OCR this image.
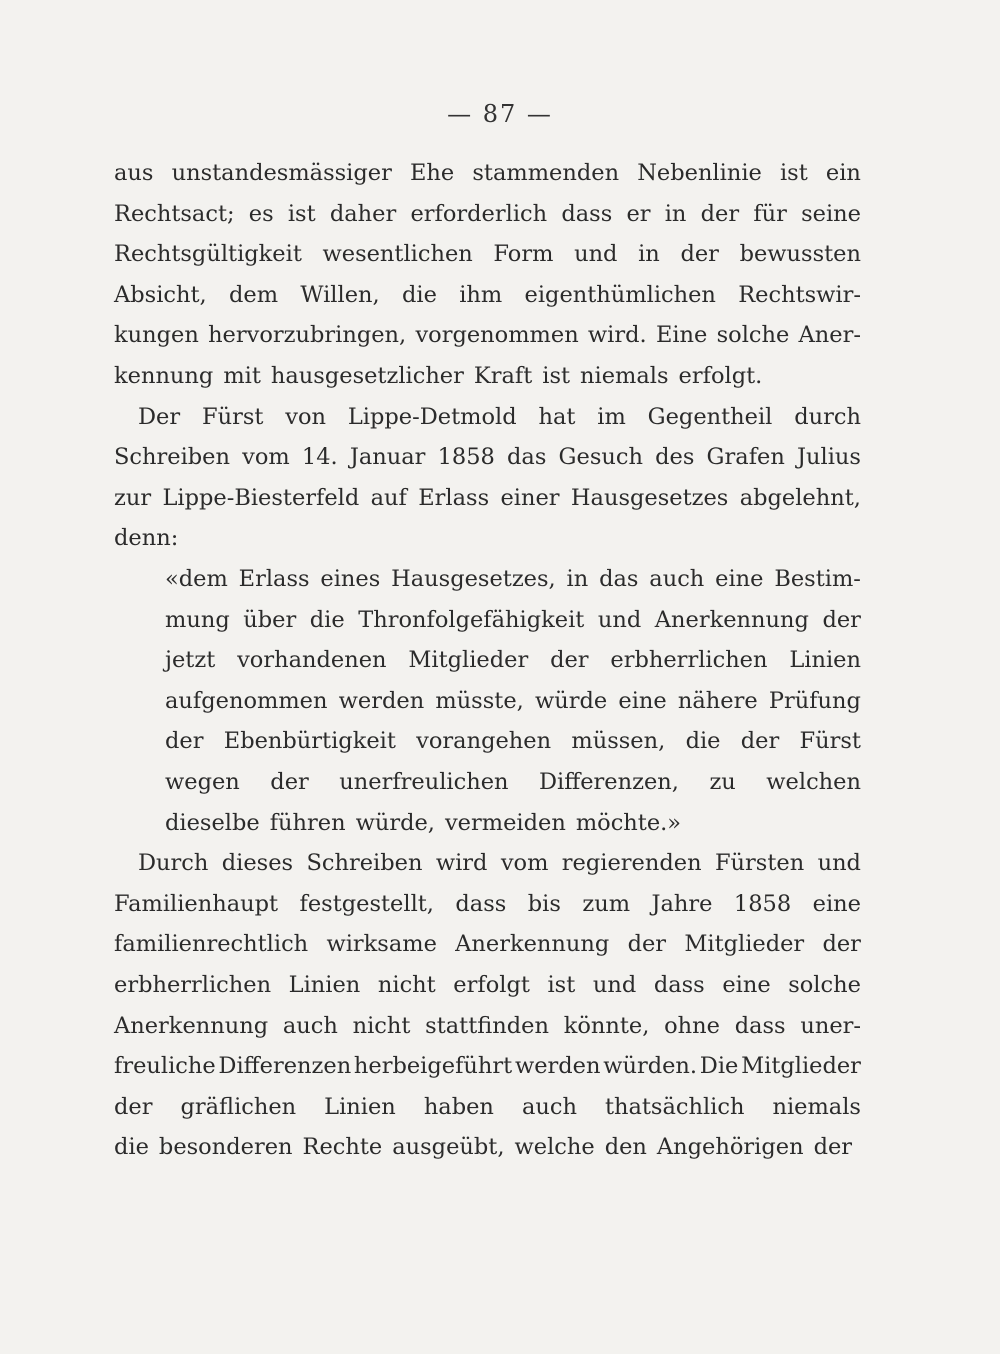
— 87 —
aus unstandesmässiger Ehe stammenden Nebenlinie ist ein
Rechtsact; es ist daher erforderlich dass er in der für seine
Rechtsgültigkeit wesentlichen Form und in der bewussten
Absicht, dem Willen, die ihm eigenthümlichen Rechtswir-
kungen hervorzubringen, vorgenommen wird. Eine solche Aner-
kennung mit hausgesetzlicher Kraft ist niemals erfolgt.
Der Fürst von Lippe-Detmold hat im Gegentheil durch
Schreiben vom 14. Januar 1858 das Gesuch des Grafen Julius
zur Lippe-Biesterfeld auf Erlass einer Hausgesetzes abgelehnt,
denn:
«dem Erlass eines Hausgesetzes, in das auch eine Bestim-
mung über die Thronfolgefähigkeit und Anerkennung der
jetzt vorhandenen Mitglieder der erbherrlichen Linien
aufgenommen werden müsste, würde eine nähere Prüfung
der Ebenbürtigkeit vorangehen müssen, die der Fürst
wegen der unerfreulichen Differenzen, zu welchen
dieselbe führen würde, vermeiden möchte.»
Durch dieses Schreiben wird vom regierenden Fürsten und
Familienhaupt festgestellt, dass bis zum Jahre 1858 eine
familienrechtlich wirksame Anerkennung der Mitglieder der
erbherrlichen Linien nicht erfolgt ist und dass eine solche
Anerkennung auch nicht stattfinden könnte, ohne dass uner-
freuliche Differenzen herbeigeführt werden würden. Die Mitglieder
der gräflichen Linien haben auch thatsächlich niemals
die besonderen Rechte ausgeübt, welche den Angehörigen der
